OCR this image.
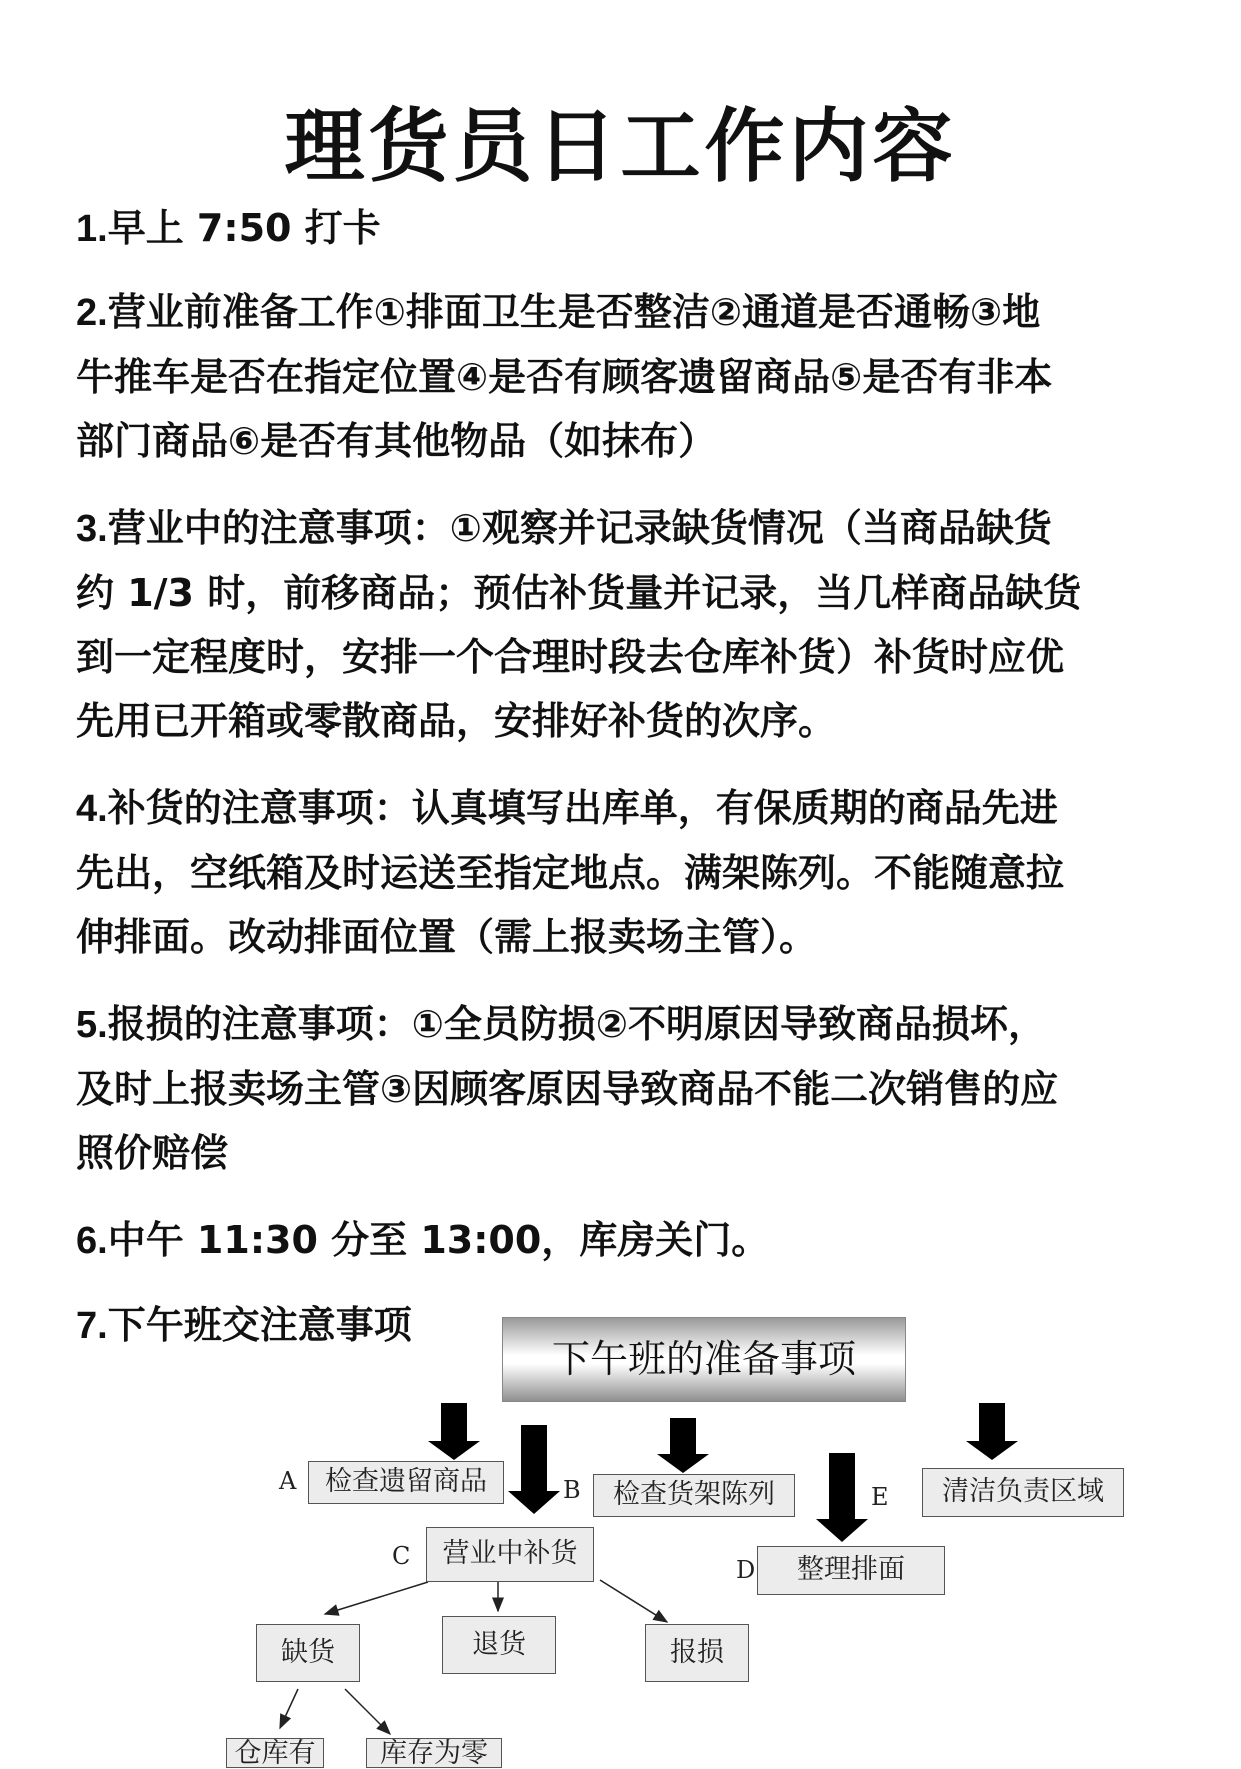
理货员日工作内容
1.早上 7:50 打卡
2.营业前准备工作①排面卫生是否整洁②通道是否通畅③地
牛推车是否在指定位置④是否有顾客遗留商品⑤是否有非本
部门商品⑥是否有其他物品（如抹布）
3.营业中的注意事项：①观察并记录缺货情况（当商品缺货
约 1/3 时，前移商品；预估补货量并记录，当几样商品缺货
到一定程度时，安排一个合理时段去仓库补货）补货时应优
先用已开箱或零散商品，安排好补货的次序。
4.补货的注意事项：认真填写出库单，有保质期的商品先进
先出，空纸箱及时运送至指定地点。满架陈列。不能随意拉
伸排面。改动排面位置（需上报卖场主管）。
5.报损的注意事项：①全员防损②不明原因导致商品损坏，
及时上报卖场主管③因顾客原因导致商品不能二次销售的应
照价赔偿
6.中午 11:30 分至 13:00，库房关门。
7.下午班交注意事项
下午班的准备事项
A	检查遗留商品	B	检查货架陈列	E	清洁负责区域
C	营业中补货
D	整理排面
缺货	退货	报损
仓库有	库存为零
